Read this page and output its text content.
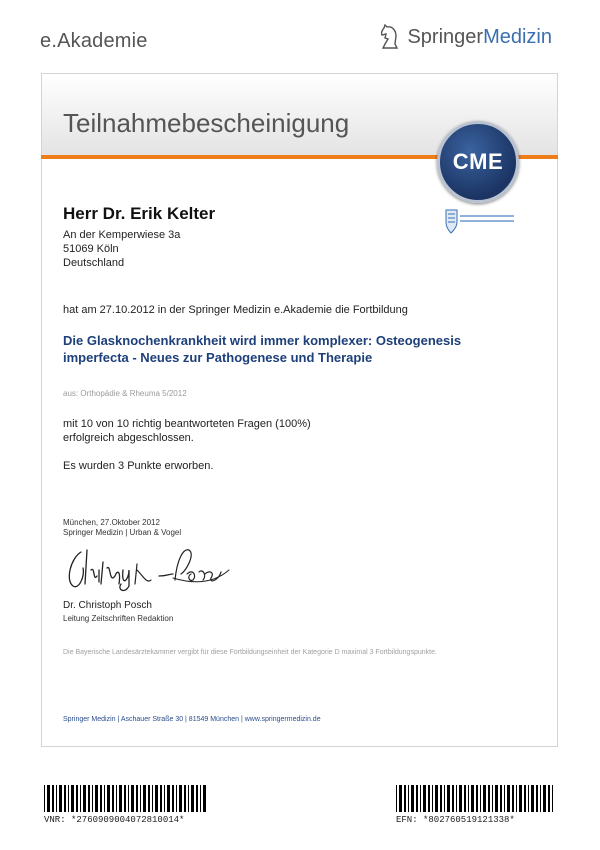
e.Akademie	SpringerMedizin
Teilnahmebescheinigung
CME
Herr Dr. Erik Kelter
An der Kemperwiese 3a
51069 Köln
Deutschland
hat am 27.10.2012 in der Springer Medizin e.Akademie die Fortbildung
Die Glasknochenkrankheit wird immer komplexer: Osteogenesis
imperfecta - Neues zur Pathogenese und Therapie
aus: Orthopädie & Rheuma 5/2012
mit 10 von 10 richtig beantworteten Fragen (100%)
erfolgreich abgeschlossen.
Es wurden 3 Punkte erworben.
München, 27.Oktober 2012
Springer Medizin | Urban & Vogel
Dr. Christoph Posch
Leitung Zeitschriften Redaktion
Die Bayerische Landesärztekammer vergibt für diese Fortbildungseinheit der Kategorie D maximal 3 Fortbildungspunkte.
Springer Medizin | Aschauer Straße 30 | 81549 München | www.springermedizin.de
VNR: *2760909004072810014*	EFN: *802760519121338*
